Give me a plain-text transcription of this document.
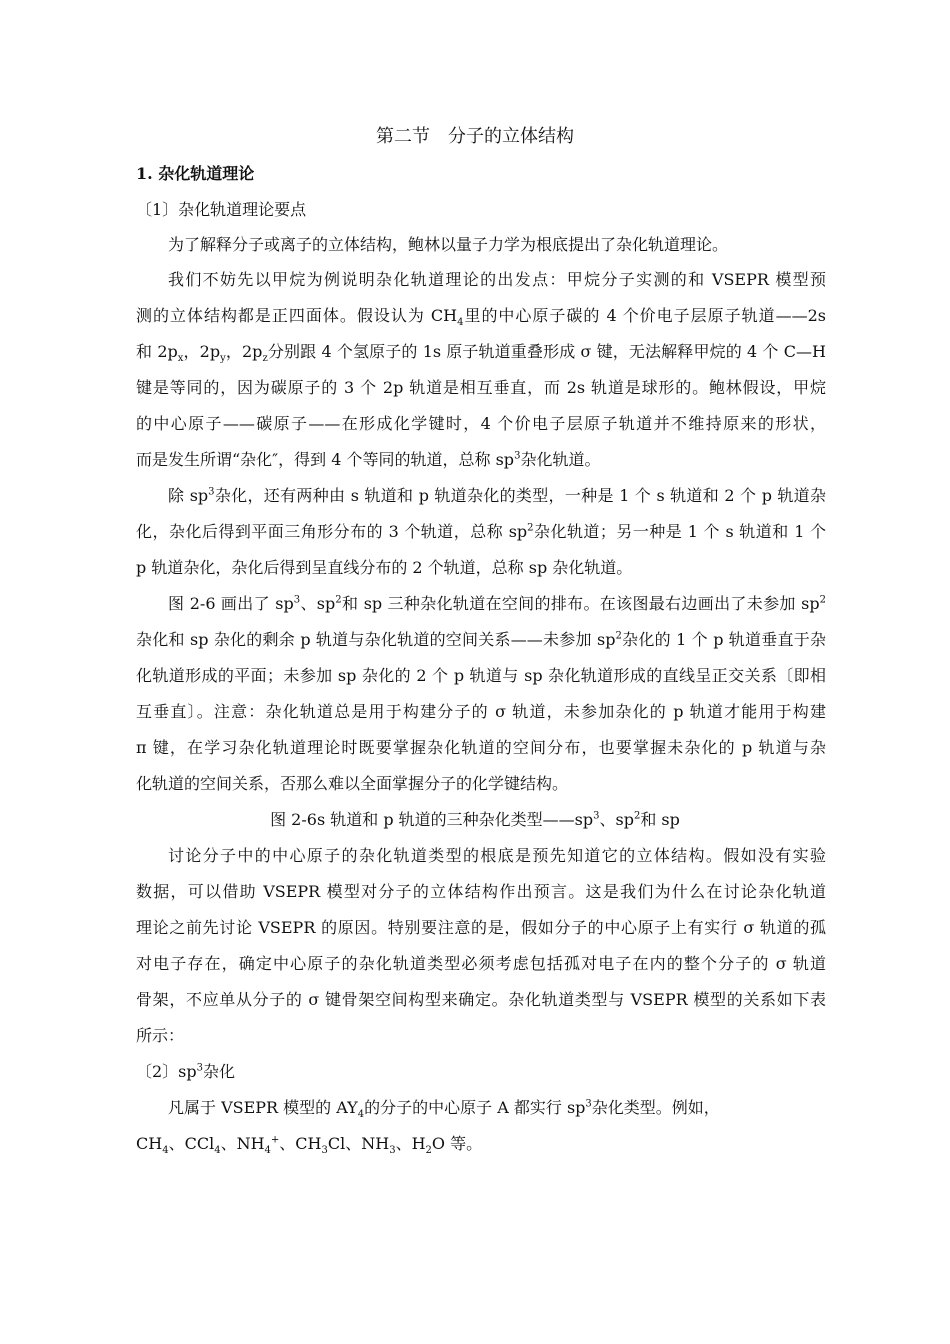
第二节　分子的立体结构
1. 杂化轨道理论
〔1〕杂化轨道理论要点
为了解释分子或离子的立体结构，鲍林以量子力学为根底提出了杂化轨道理论。
我们不妨先以甲烷为例说明杂化轨道理论的出发点：甲烷分子实测的和 VSEPR 模型预
测的立体结构都是正四面体。假设认为 $CH_4$里的中心原子碳的 4 个价电子层原子轨道——2s
和 $2p_x$，$2p_y$，$2p_z$分别跟 4 个氢原子的 1s 原子轨道重叠形成 σ 键，无法解释甲烷的 4 个 C—H
键是等同的，因为碳原子的 3 个 2p 轨道是相互垂直，而 2s 轨道是球形的。鲍林假设，甲烷
的中心原子——碳原子——在形成化学键时，4 个价电子层原子轨道并不维持原来的形状，
而是发生所谓“杂化″，得到 4 个等同的轨道，总称 $sp^3$杂化轨道。
除 $sp^3$杂化，还有两种由 s 轨道和 p 轨道杂化的类型，一种是 1 个 s 轨道和 2 个 p 轨道杂
化，杂化后得到平面三角形分布的 3 个轨道，总称 $sp^2$杂化轨道；另一种是 1 个 s 轨道和 1 个
p 轨道杂化，杂化后得到呈直线分布的 2 个轨道，总称 sp 杂化轨道。
图 2-6 画出了 $sp^3$、$sp^2$和 sp 三种杂化轨道在空间的排布。在该图最右边画出了未参加 $sp^2$
杂化和 sp 杂化的剩余 p 轨道与杂化轨道的空间关系——未参加 $sp^2$杂化的 1 个 p 轨道垂直于杂
化轨道形成的平面；未参加 sp 杂化的 2 个 p 轨道与 sp 杂化轨道形成的直线呈正交关系〔即相
互垂直〕。注意：杂化轨道总是用于构建分子的 σ 轨道，未参加杂化的 p 轨道才能用于构建
π 键，在学习杂化轨道理论时既要掌握杂化轨道的空间分布，也要掌握未杂化的 p 轨道与杂
化轨道的空间关系，否那么难以全面掌握分子的化学键结构。
图 2-6s 轨道和 p 轨道的三种杂化类型$——sp^3$、$sp^2$和 sp
讨论分子中的中心原子的杂化轨道类型的根底是预先知道它的立体结构。假如没有实验
数据，可以借助 VSEPR 模型对分子的立体结构作出预言。这是我们为什么在讨论杂化轨道
理论之前先讨论 VSEPR 的原因。特别要注意的是，假如分子的中心原子上有实行 σ 轨道的孤
对电子存在，确定中心原子的杂化轨道类型必须考虑包括孤对电子在内的整个分子的 σ 轨道
骨架，不应单从分子的 σ 键骨架空间构型来确定。杂化轨道类型与 VSEPR 模型的关系如下表
所示：
〔2〕$sp^3$杂化
凡属于 VSEPR 模型的 $AY_4$的分子的中心原子 A 都实行 $sp^3$杂化类型。例如，
$CH_4$、CCl$_4$、$NH_4^+$、$CH_3Cl$、$NH_3$、$H_2O$ 等。
